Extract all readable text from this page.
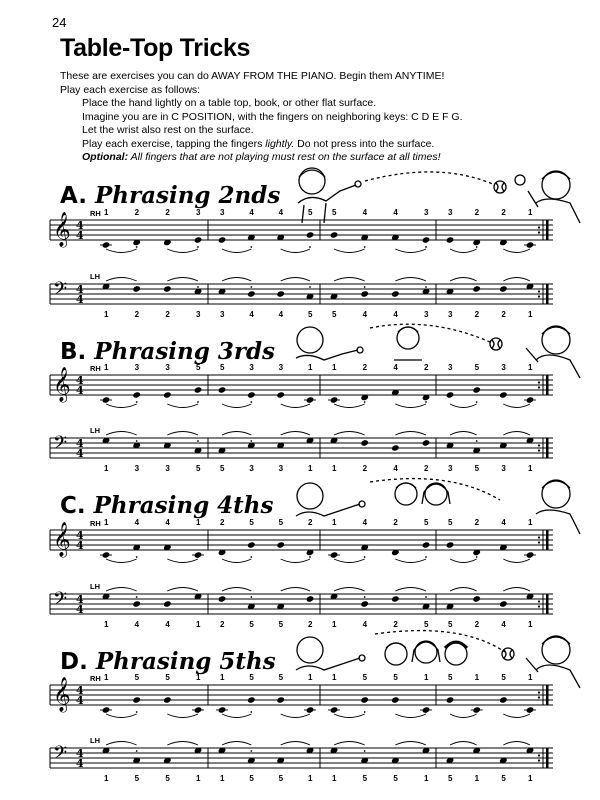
24
Table-Top Tricks
These are exercises you can do AWAY FROM THE PIANO. Begin them ANYTIME!
Play each exercise as follows:
Place the hand lightly on a table top, book, or other flat surface.
Imagine you are in C POSITION, with the fingers on neighboring keys: C D E F G.
Let the wrist also rest on the surface.
Play each exercise, tapping the fingers lightly. Do not press into the surface.
Optional: All fingers that are not playing must rest on the surface at all times!
A. Phrasing 2nds
B. Phrasing 3rds
C. Phrasing 4ths
D. Phrasing 5ths
𝄞 4
4
RH 1	2	2	3 3	4	4	5 5	4	4	3 3	2	2	1
𝄢 4
4
LH
1	2	2	3 3	4	4	5 5	4	4	3 3	2	2	1
𝄞 4
4
RH 1	3	3	5 5	3	3	1 1	2	4	2 3	5	3	1
𝄢 4
4
LH
1	3	3	5 5	3	3	1 1	2	4	2 3	5	3	1
𝄞 4
4
RH 1	4	4	1 2	5	5	2 1	4	2	5 5	2	4	1
𝄢 4
4
LH
1	4	4	1 2	5	5	2 1	4	2	5 5	2	4	1
𝄞 4
4
RH 1	5	5	1 1	5	5	1 1	5	5	1 5	1	5	1
𝄢 4
4
LH
1	5	5	1 1	5	5	1 1	5	5	1 5	1	5	1
